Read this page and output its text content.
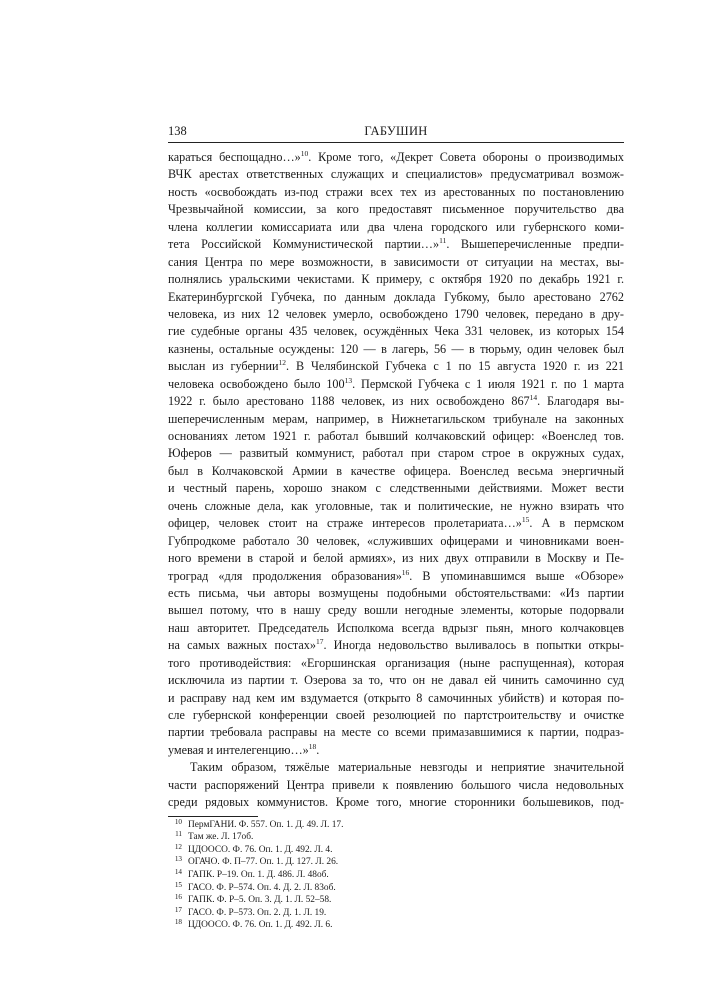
138	ГАБУШИН
караться беспощадно…»$^{10}$. Кроме того, «Декрет Совета обороны о производимых
ВЧК арестах ответственных служащих и специалистов» предусматривал возмож-
ность «освобождать из-под стражи всех тех из арестованных по постановлению
Чрезвычайной комиссии, за кого предоставят письменное поручительство два
члена коллегии комиссариата или два члена городского или губернского коми-
тета Российской Коммунистической партии…»$^{11}$. Вышеперечисленные предпи-
сания Центра по мере возможности, в зависимости от ситуации на местах, вы-
полнялись уральскими чекистами. К примеру, с октября 1920 по декабрь 1921 г.
Екатеринбургской Губчека, по данным доклада Губкому, было арестовано 2762
человека, из них 12 человек умерло, освобождено 1790 человек, передано в дру-
гие судебные органы 435 человек, осуждённых Чека 331 человек, из которых 154
казнены, остальные осуждены: 120 — в лагерь, 56 — в тюрьму, один человек был
выслан из губернии$^{12}$. В Челябинской Губчека с 1 по 15 августа 1920 г. из 221
человека освобождено было $100^{13}$. Пермской Губчека с 1 июля 1921 г. по 1 марта
1922 г. было арестовано 1188 человек, из них освобождено $867^{14}$. Благодаря вы-
шеперечисленным мерам, например, в Нижнетагильском трибунале на законных
основаниях летом 1921 г. работал бывший колчаковский офицер: «Военслед тов.
Юферов — развитый коммунист, работал при старом строе в окружных судах,
был в Колчаковской Армии в качестве офицера. Военслед весьма энергичный
и честный парень, хорошо знаком с следственными действиями. Может вести
очень сложные дела, как уголовные, так и политические, не нужно взирать что
офицер, человек стоит на страже интересов пролетариата…»$^{15}$. А в пермском
Губпродкоме работало 30 человек, «служивших офицерами и чиновниками воен-
ного времени в старой и белой армиях», из них двух отправили в Москву и Пе-
троград «для продолжения образования»$^{16}$. В упоминавшимся выше «Обзоре»
есть письма, чьи авторы возмущены подобными обстоятельствами: «Из партии
вышел потому, что в нашу среду вошли негодные элементы, которые подорвали
наш авторитет. Председатель Исполкома всегда вдрызг пьян, много колчаковцев
на самых важных постах»$^{17}$. Иногда недовольство выливалось в попытки откры-
того противодействия: «Егоршинская организация (ныне распущенная), которая
исключила из партии т. Озерова за то, что он не давал ей чинить самочинно суд
и расправу над кем им вздумается (открыто 8 самочинных убийств) и которая по-
сле губернской конференции своей резолюцией по партстроительству и очистке
партии требовала расправы на месте со всеми примазавшимися к партии, подраз-
умевая и интелегенцию…»$^{18}$.
Таким образом, тяжёлые материальные невзгоды и неприятие значительной
части распоряжений Центра привели к появлению большого числа недовольных
среди рядовых коммунистов. Кроме того, многие сторонники большевиков, под-
10 ПермГАНИ. Ф. 557. Оп. 1. Д. 49. Л. 17.
11 Там же. Л. 17об.
12 ЦДООСО. Ф. 76. Оп. 1. Д. 492. Л. 4.
13 ОГАЧО. Ф. П–77. Оп. 1. Д. 127. Л. 26.
14 ГАПК. Р–19. Оп. 1. Д. 486. Л. 48об.
15 ГАСО. Ф. Р–574. Оп. 4. Д. 2. Л. 83об.
16 ГАПК. Ф. Р–5. Оп. 3. Д. 1. Л. 52–58.
17 ГАСО. Ф. Р–573. Оп. 2. Д. 1. Л. 19.
18 ЦДООСО. Ф. 76. Оп. 1. Д. 492. Л. 6.
